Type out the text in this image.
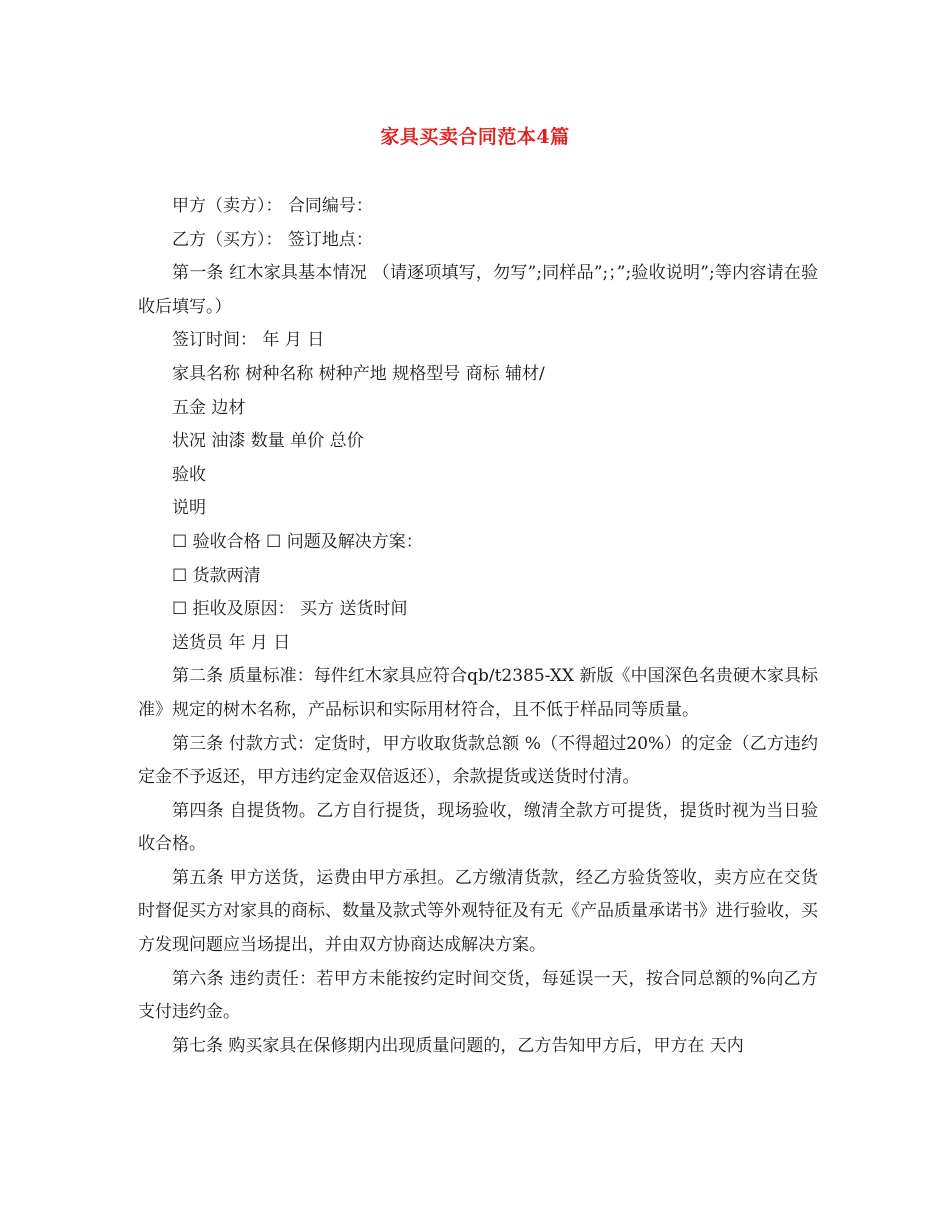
家具买卖合同范本4篇

甲方（卖方）： 合同编号：

乙方（买方）： 签订地点：

第一条 红木家具基本情况 （请逐项填写，勿写”;同样品”;；”;验收说明”;等内容请在验收后填写。）

签订时间： 年 月 日

家具名称 树种名称 树种产地 规格型号 商标 辅材/

五金 边材

状况 油漆 数量 单价 总价

验收

说明

☐ 验收合格 ☐ 问题及解决方案：

☐ 货款两清

☐ 拒收及原因： 买方 送货时间

送货员 年 月 日

第二条 质量标准：每件红木家具应符合qb/t2385-XX 新版《中国深色名贵硬木家具标准》规定的树木名称，产品标识和实际用材符合，且不低于样品同等质量。

第三条 付款方式：定货时，甲方收取货款总额 %（不得超过20%）的定金（乙方违约定金不予返还，甲方违约定金双倍返还），余款提货或送货时付清。

第四条 自提货物。乙方自行提货，现场验收，缴清全款方可提货，提货时视为当日验收合格。

第五条 甲方送货，运费由甲方承担。乙方缴清货款，经乙方验货签收，卖方应在交货时督促买方对家具的商标、数量及款式等外观特征及有无《产品质量承诺书》进行验收，买方发现问题应当场提出，并由双方协商达成解决方案。

第六条 违约责任：若甲方未能按约定时间交货，每延误一天，按合同总额的%向乙方支付违约金。

第七条 购买家具在保修期内出现质量问题的，乙方告知甲方后，甲方在 天内
